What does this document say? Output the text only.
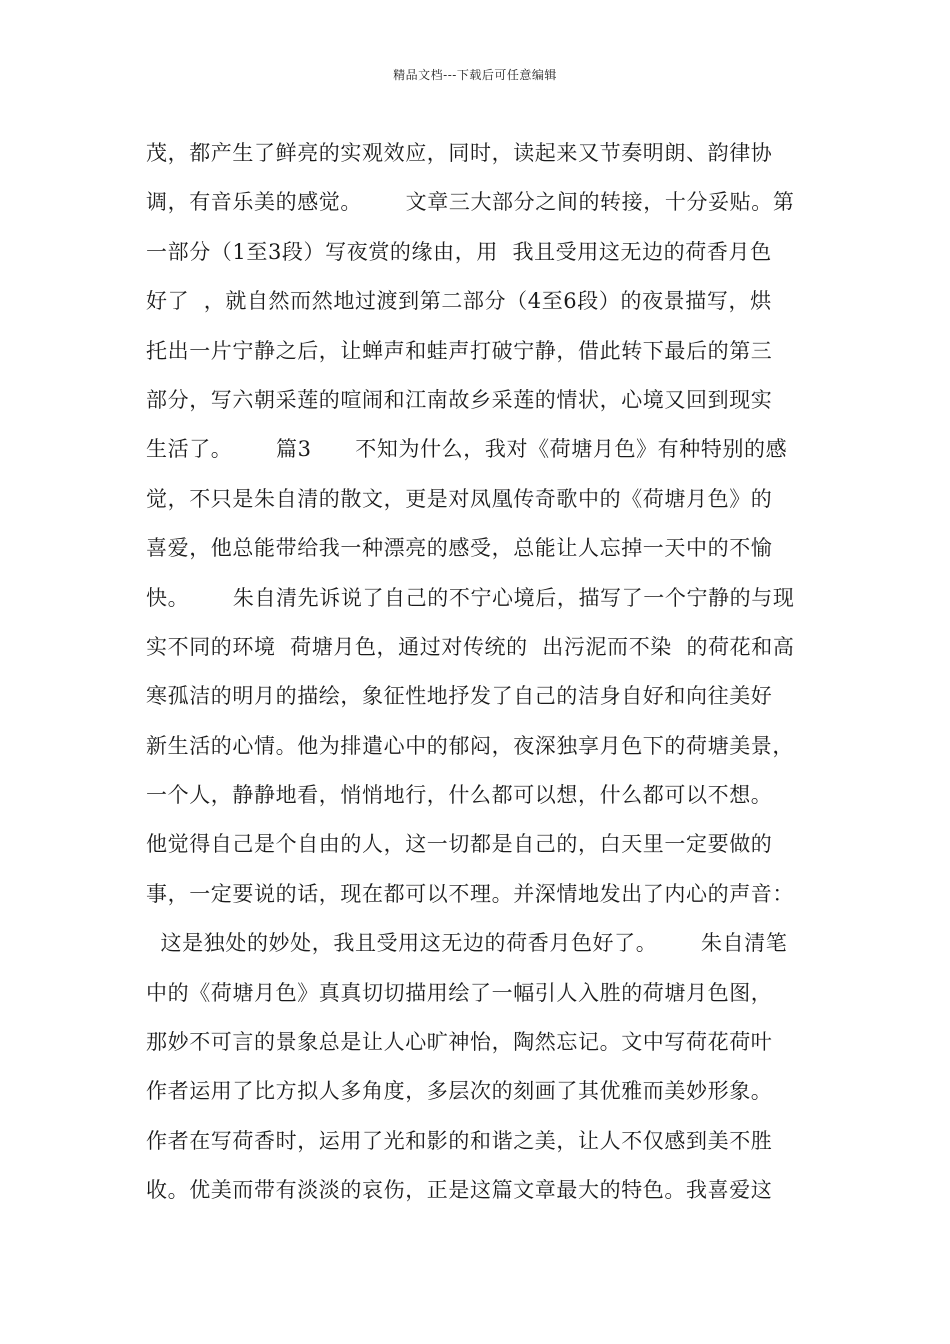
精品文档---下载后可任意编辑
茂，都产生了鲜亮的实观效应，同时，读起来又节奏明朗、韵律协
调，有音乐美的感觉。      文章三大部分之间的转接，十分妥贴。第
一部分（1至3段）写夜赏的缘由，用  我且受用这无边的荷香月色
好了  ，就自然而然地过渡到第二部分（4至6段）的夜景描写，烘
托出一片宁静之后，让蝉声和蛙声打破宁静，借此转下最后的第三
部分，写六朝采莲的喧闹和江南故乡采莲的情状，心境又回到现实
生活了。      篇3      不知为什么，我对《荷塘月色》有种特别的感
觉，不只是朱自清的散文，更是对凤凰传奇歌中的《荷塘月色》的
喜爱，他总能带给我一种漂亮的感受，总能让人忘掉一天中的不愉
快。      朱自清先诉说了自己的不宁心境后，描写了一个宁静的与现
实不同的环境  荷塘月色，通过对传统的  出污泥而不染  的荷花和高
寒孤洁的明月的描绘，象征性地抒发了自己的洁身自好和向往美好
新生活的心情。他为排遣心中的郁闷，夜深独享月色下的荷塘美景，
一个人，静静地看，悄悄地行，什么都可以想，什么都可以不想。
他觉得自己是个自由的人，这一切都是自己的，白天里一定要做的
事，一定要说的话，现在都可以不理。并深情地发出了内心的声音：
这是独处的妙处，我且受用这无边的荷香月色好了。      朱自清笔
中的《荷塘月色》真真切切描用绘了一幅引人入胜的荷塘月色图，
那妙不可言的景象总是让人心旷神怡，陶然忘记。文中写荷花荷叶
作者运用了比方拟人多角度，多层次的刻画了其优雅而美妙形象。
作者在写荷香时，运用了光和影的和谐之美，让人不仅感到美不胜
收。优美而带有淡淡的哀伤，正是这篇文章最大的特色。我喜爱这
